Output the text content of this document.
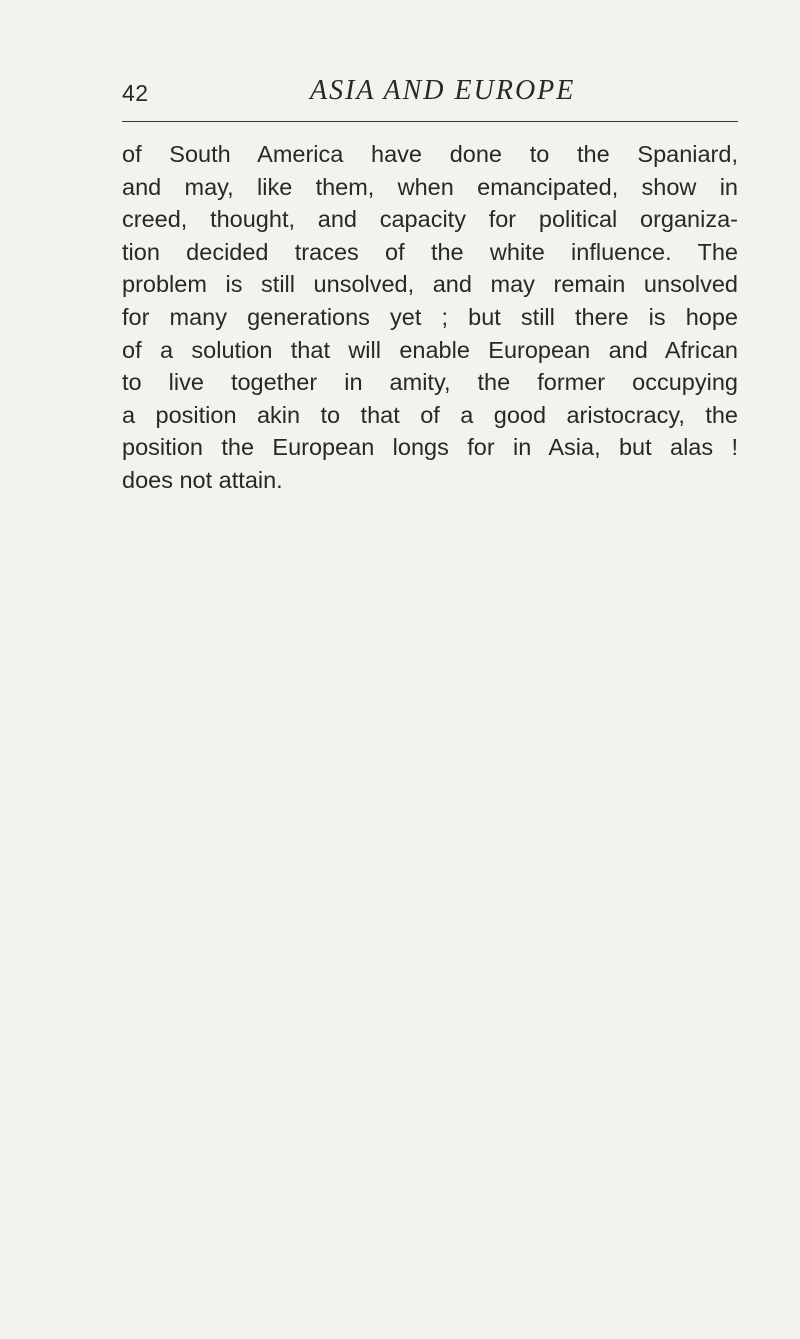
42	ASIA AND EUROPE
of South America have done to the Spaniard,
and may, like them, when emancipated, show in
creed, thought, and capacity for political organiza-
tion decided traces of the white influence. The
problem is still unsolved, and may remain unsolved
for many generations yet ; but still there is hope
of a solution that will enable European and African
to live together in amity, the former occupying
a position akin to that of a good aristocracy, the
position the European longs for in Asia, but alas !
does not attain.
